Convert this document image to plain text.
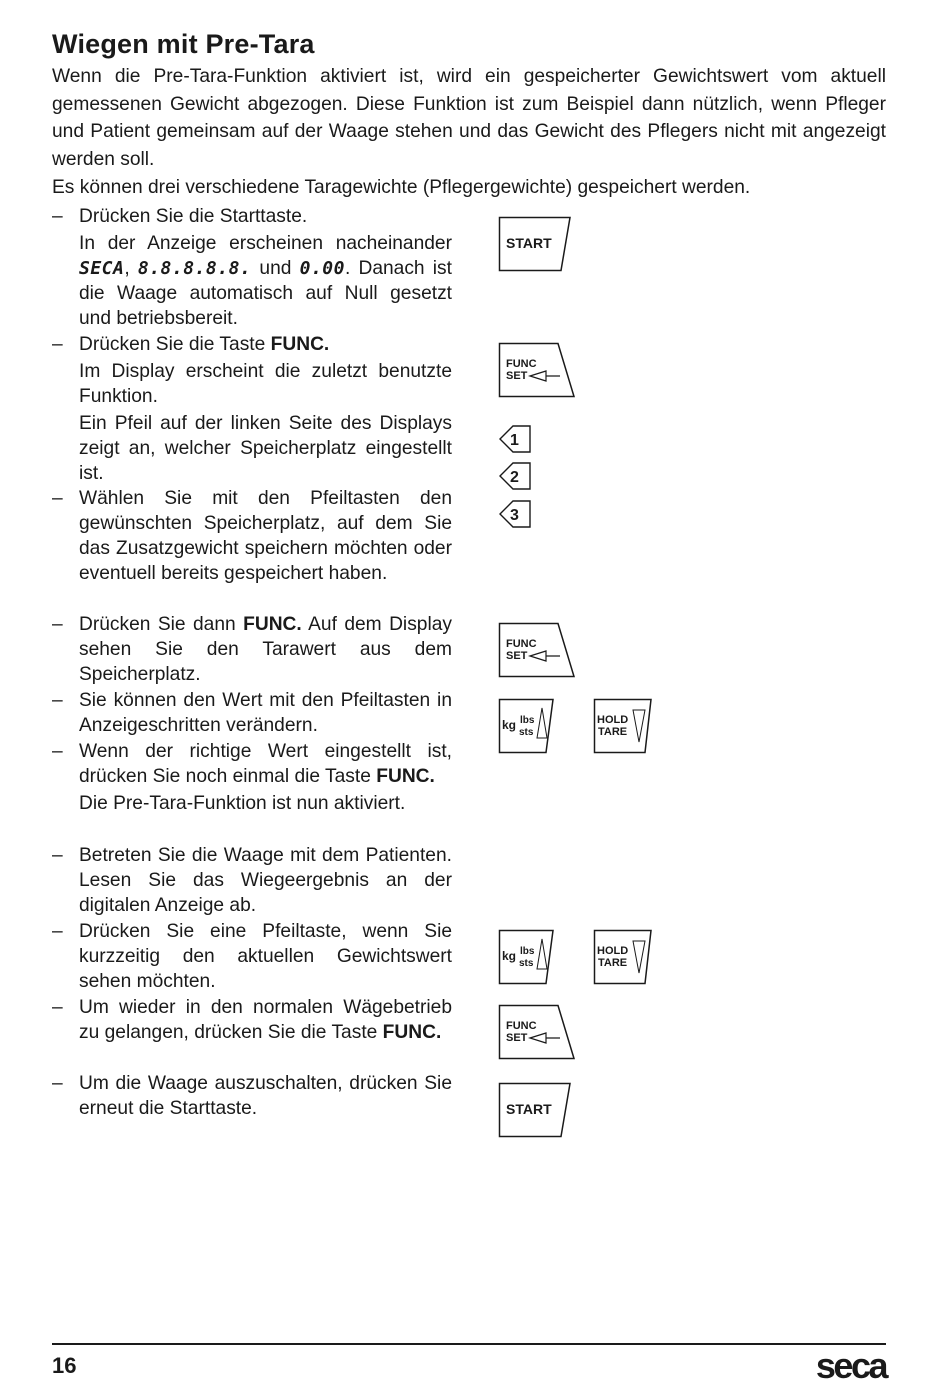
Wiegen mit Pre-Tara

Wenn die Pre-Tara-Funktion aktiviert ist, wird ein gespeicherter Gewichtswert vom aktuell gemessenen Gewicht abgezogen. Diese Funktion ist zum Beispiel dann nützlich, wenn Pfleger und Patient gemeinsam auf der Waage stehen und das Gewicht des Pflegers nicht mit angezeigt werden soll.

Es können drei verschiedene Taragewichte (Pflegergewichte) gespeichert werden.

– Drücken Sie die Starttaste.
In der Anzeige erscheinen nacheinander SECA, 8.8.8.8.8. und 0.00. Danach ist die Waage automatisch auf Null gesetzt und betriebsbereit.
– Drücken Sie die Taste FUNC.
Im Display erscheint die zuletzt benutzte Funktion.
Ein Pfeil auf der linken Seite des Displays zeigt an, welcher Speicherplatz eingestellt ist.
– Wählen Sie mit den Pfeiltasten den gewünschten Speicherplatz, auf dem Sie das Zusatzgewicht speichern möchten oder eventuell bereits gespeichert haben.
– Drücken Sie dann FUNC. Auf dem Display sehen Sie den Tarawert aus dem Speicherplatz.
– Sie können den Wert mit den Pfeiltasten in Anzeigeschritten verändern.
– Wenn der richtige Wert eingestellt ist, drücken Sie noch einmal die Taste FUNC.
Die Pre-Tara-Funktion ist nun aktiviert.
– Betreten Sie die Waage mit dem Patienten. Lesen Sie das Wiegeergebnis an der digitalen Anzeige ab.
– Drücken Sie eine Pfeiltaste, wenn Sie kurzzeitig den aktuellen Gewichtswert sehen möchten.
– Um wieder in den normalen Wägebetrieb zu gelangen, drücken Sie die Taste FUNC.
– Um die Waage auszuschalten, drücken Sie erneut die Starttaste.
START
FUNC
SET
1
2
3
FUNC
SET
kg lbs
sts
HOLD
TARE
kg lbs
sts
HOLD
TARE
FUNC
SET
START
16	seca
